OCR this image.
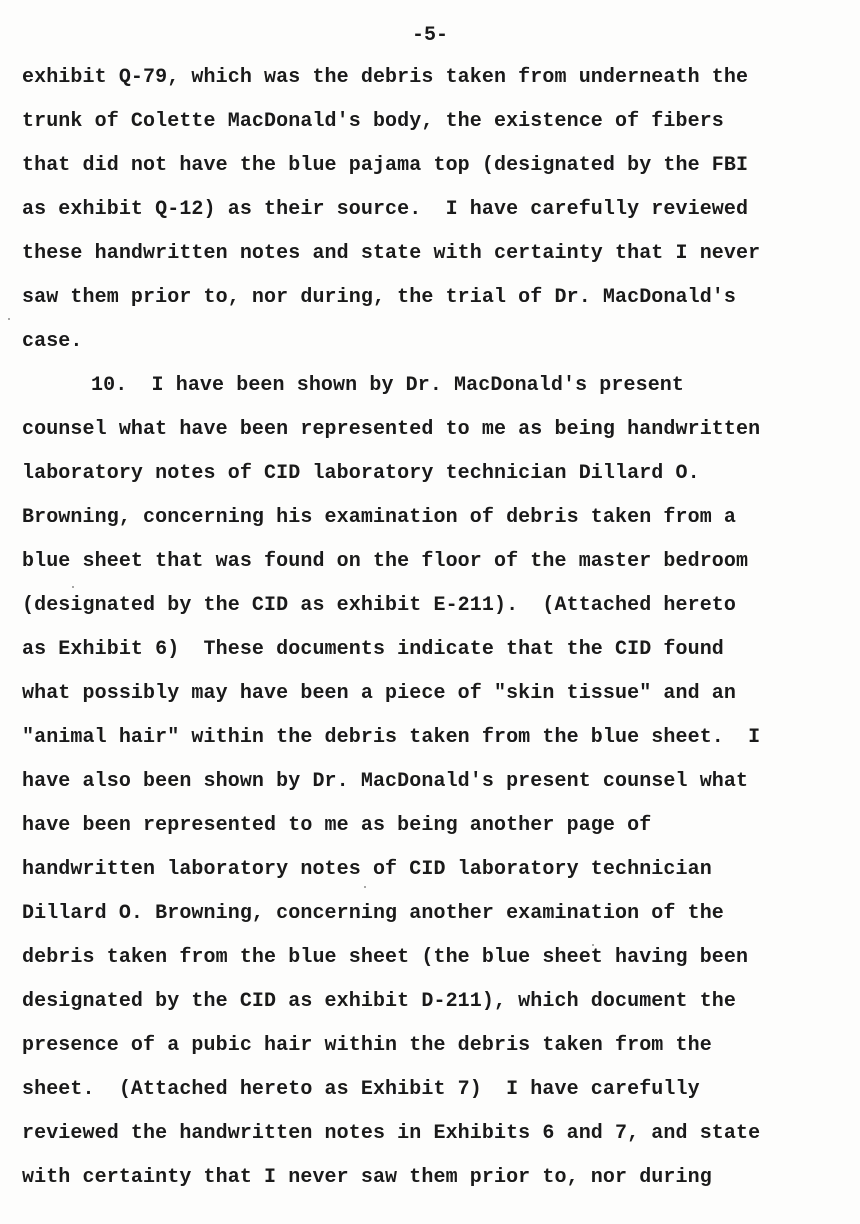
-5-
exhibit Q-79, which was the debris taken from underneath the
trunk of Colette MacDonald's body, the existence of fibers
that did not have the blue pajama top (designated by the FBI
as exhibit Q-12) as their source.  I have carefully reviewed
these handwritten notes and state with certainty that I never
saw them prior to, nor during, the trial of Dr. MacDonald's
case.
10.  I have been shown by Dr. MacDonald's present
counsel what have been represented to me as being handwritten
laboratory notes of CID laboratory technician Dillard O.
Browning, concerning his examination of debris taken from a
blue sheet that was found on the floor of the master bedroom
(designated by the CID as exhibit E-211).  (Attached hereto
as Exhibit 6)  These documents indicate that the CID found
what possibly may have been a piece of "skin tissue" and an
"animal hair" within the debris taken from the blue sheet.  I
have also been shown by Dr. MacDonald's present counsel what
have been represented to me as being another page of
handwritten laboratory notes of CID laboratory technician
Dillard O. Browning, concerning another examination of the
debris taken from the blue sheet (the blue sheet having been
designated by the CID as exhibit D-211), which document the
presence of a pubic hair within the debris taken from the
sheet.  (Attached hereto as Exhibit 7)  I have carefully
reviewed the handwritten notes in Exhibits 6 and 7, and state
with certainty that I never saw them prior to, nor during
